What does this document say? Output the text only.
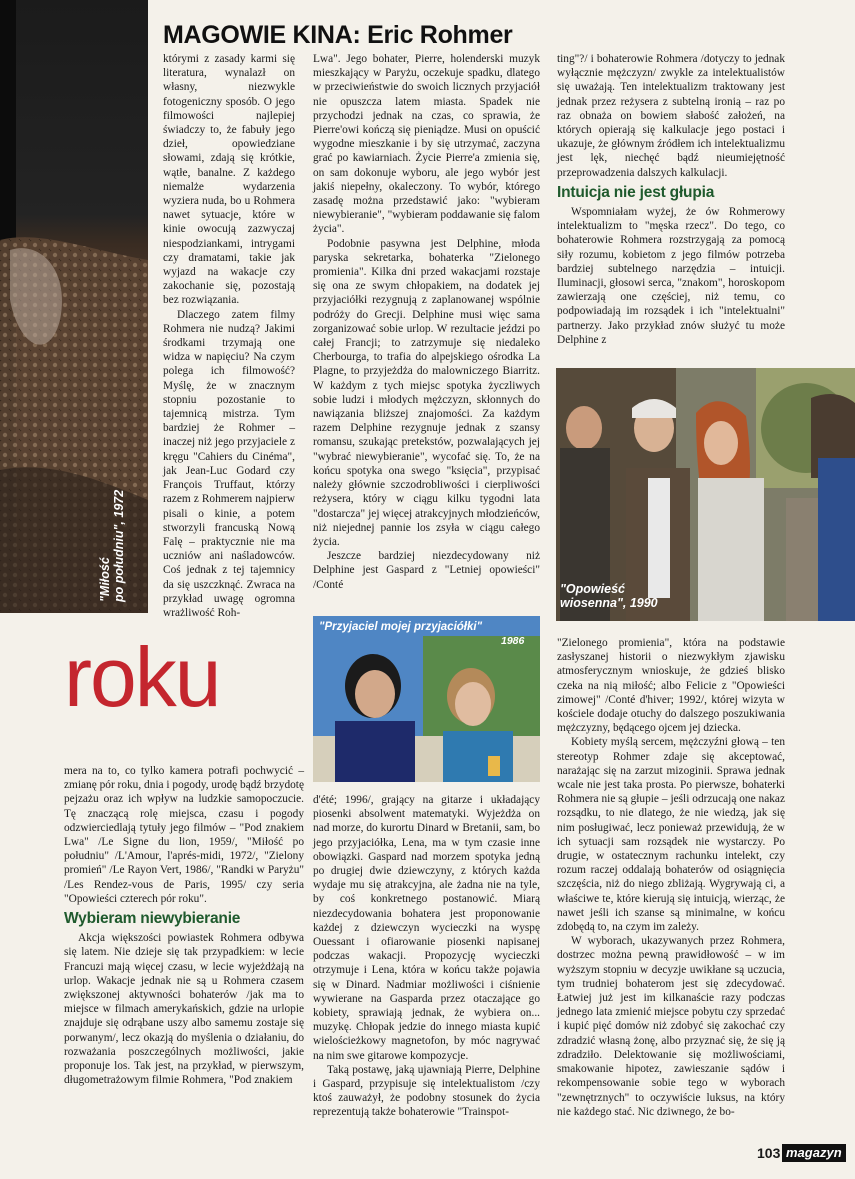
"Miłość po południu", 1972
MAGOWIE KINA: Eric Rohmer

którymi z zasady karmi się literatura, wynalazł on własny, niezwykle fotogeniczny sposób. O jego filmowości najlepiej świadczy to, że fabuły jego dzieł, opowiedziane słowami, zdają się krótkie, wątłe, banalne. Z każdego niemalże wydarzenia wyziera nuda, bo u Rohmera nawet sytuacje, które w kinie owocują zazwyczaj niespodziankami, intrygami czy dramatami, takie jak wyjazd na wakacje czy zakochanie się, pozostają bez rozwiązania.

Dlaczego zatem filmy Rohmera nie nudzą? Jakimi środkami trzymają one widza w napięciu? Na czym polega ich filmowość? Myślę, że w znacznym stopniu pozostanie to tajemnicą mistrza. Tym bardziej że Rohmer – inaczej niż jego przyjaciele z kręgu "Cahiers du Cinéma", jak Jean-Luc Godard czy François Truffaut, którzy razem z Rohmerem najpierw pisali o kinie, a potem stworzyli francuską Nową Falę – praktycznie nie ma uczniów ani naśladowców. Coś jednak z tej tajemnicy da się uszczknąć. Zwraca na przykład uwagę ogromna wrażliwość Roh-

Lwa". Jego bohater, Pierre, holenderski muzyk mieszkający w Paryżu, oczekuje spadku, dlatego w przeciwieństwie do swoich licznych przyjaciół nie opuszcza latem miasta. Spadek nie przychodzi jednak na czas, co sprawia, że Pierre'owi kończą się pieniądze. Musi on opuścić wygodne mieszkanie i by się utrzymać, zaczyna grać po kawiarniach. Życie Pierre'a zmienia się, on sam dokonuje wyboru, ale jego wybór jest jakiś niepełny, okaleczony. To wybór, którego zasadę można przedstawić jako: "wybieram niewybieranie", "wybieram poddawanie się falom życia".

Podobnie pasywna jest Delphine, młoda paryska sekretarka, bohaterka "Zielonego promienia". Kilka dni przed wakacjami rozstaje się ona ze swym chłopakiem, na dodatek jej przyjaciółki rezygnują z zaplanowanej wspólnie podróży do Grecji. Delphine musi więc sama zorganizować sobie urlop. W rezultacie jeździ po całej Francji; to zatrzymuje się niedaleko Cherbourga, to trafia do alpejskiego ośrodka La Plagne, to przyjeżdża do malowniczego Biarritz. W każdym z tych miejsc spotyka życzliwych sobie ludzi i młodych mężczyzn, skłonnych do nawiązania bliższej znajomości. Za każdym razem Delphine rezygnuje jednak z szansy romansu, szukając pretekstów, pozwalających jej "wybrać niewybieranie", wycofać się. To, że na końcu spotyka ona swego "księcia", przypisać należy głównie szczodrobliwości i cierpliwości reżysera, który w ciągu kilku tygodni lata "dostarcza" jej więcej atrakcyjnych młodzieńców, niż niejednej pannie los zsyła w ciągu całego życia.

Jeszcze bardziej niezdecydowany niż Delphine jest Gaspard z "Letniej opowieści" /Conté

ting"?/ i bohaterowie Rohmera /dotyczy to jednak wyłącznie mężczyzn/ zwykle za intelektualistów się uważają. Ten intelektualizm traktowany jest jednak przez reżysera z subtelną ironią – raz po raz obnaża on bowiem słabość założeń, na których opierają się kalkulacje jego postaci i ukazuje, że głównym źródłem ich intelektualizmu jest lęk, niechęć bądź nieumiejętność przeprowadzenia dalszych kalkulacji.

Intuicja nie jest głupia

Wspomniałam wyżej, że ów Rohmerowy intelektualizm to "męska rzecz". Do tego, co bohaterowie Rohmera rozstrzygają za pomocą siły rozumu, kobietom z jego filmów potrzeba bardziej subtelnego narzędzia – intuicji. Iluminacji, głosowi serca, "znakom", horoskopom zawierzają one częściej, niż temu, co podpowiadają im rozsądek i ich "intelektualni" partnerzy. Jako przykład znów służyć tu może Delphine z

"Opowieść
wiosenna", 1990
"Przyjaciel mojej przyjaciółki"
1986
roku

mera na to, co tylko kamera potrafi pochwycić – zmianę pór roku, dnia i pogody, urodę bądź brzydotę pejzażu oraz ich wpływ na ludzkie samopoczucie. Tę znaczącą rolę miejsca, czasu i pogody odzwierciedlają tytuły jego filmów – "Pod znakiem Lwa" /Le Signe du lion, 1959/, "Miłość po południu" /L'Amour, l'aprés-midi, 1972/, "Zielony promień" /Le Rayon Vert, 1986/, "Randki w Paryżu" /Les Rendez-vous de Paris, 1995/ czy seria "Opowieści czterech pór roku".

Wybieram niewybieranie

Akcja większości powiastek Rohmera odbywa się latem. Nie dzieje się tak przypadkiem: w lecie Francuzi mają więcej czasu, w lecie wyjeżdżają na urlop. Wakacje jednak nie są u Rohmera czasem zwiększonej aktywności bohaterów /jak ma to miejsce w filmach amerykańskich, gdzie na urlopie znajduje się odrąbane uszy albo samemu zostaje się porwanym/, lecz okazją do myślenia o działaniu, do rozważania poszczególnych możliwości, jakie proponuje los. Tak jest, na przykład, w pierwszym, długometrażowym filmie Rohmera, "Pod znakiem

d'été; 1996/, grający na gitarze i układający piosenki absolwent matematyki. Wyjeżdża on nad morze, do kurortu Dinard w Bretanii, sam, bo jego przyjaciółka, Lena, ma w tym czasie inne obowiązki. Gaspard nad morzem spotyka jedną po drugiej dwie dziewczyny, z których każda wydaje mu się atrakcyjna, ale żadna nie na tyle, by coś konkretnego postanowić. Miarą niezdecydowania bohatera jest proponowanie każdej z dziewczyn wycieczki na wyspę Ouessant i ofiarowanie piosenki napisanej podczas wakacji. Propozycję wycieczki otrzymuje i Lena, która w końcu także pojawia się w Dinard. Nadmiar możliwości i ciśnienie wywierane na Gasparda przez otaczające go kobiety, sprawiają jednak, że wybiera on... muzykę. Chłopak jedzie do innego miasta kupić wielościeżkowy magnetofon, by móc nagrywać na nim swe gitarowe kompozycje.

Taką postawę, jaką ujawniają Pierre, Delphine i Gaspard, przypisuje się intelektualistom /czy ktoś zauważył, że podobny stosunek do życia reprezentują także bohaterowie "Trainspot-

"Zielonego promienia", która na podstawie zasłyszanej historii o niezwykłym zjawisku atmosferycznym wnioskuje, że gdzieś blisko czeka na nią miłość; albo Felicie z "Opowieści zimowej" /Conté d'hiver; 1992/, której wizyta w kościele dodaje otuchy do dalszego poszukiwania mężczyzny, będącego ojcem jej dziecka.

Kobiety myślą sercem, mężczyźni głową – ten stereotyp Rohmer zdaje się akceptować, narażając się na zarzut mizoginii. Sprawa jednak wcale nie jest taka prosta. Po pierwsze, bohaterki Rohmera nie są głupie – jeśli odrzucają one nakaz rozsądku, to nie dlatego, że nie wiedzą, jak się nim posługiwać, lecz ponieważ przewidują, że w ich sytuacji sam rozsądek nie wystarczy. Po drugie, w ostatecznym rachunku intelekt, czy rozum raczej oddalają bohaterów od osiągnięcia szczęścia, niż do niego zbliżają. Wygrywają ci, a właściwe te, które kierują się intuicją, wierząc, że nawet jeśli ich szanse są minimalne, w końcu zdobędą to, na czym im zależy.

W wyborach, ukazywanych przez Rohmera, dostrzec można pewną prawidłowość – w im wyższym stopniu w decyzje uwikłane są uczucia, tym trudniej bohaterom jest się zdecydować. Łatwiej już jest im kilkanaście razy podczas jednego lata zmienić miejsce pobytu czy sprzedać i kupić pięć domów niż zdobyć się zakochać czy zdradzić własną żonę, albo przyznać się, że się ją zdradziło. Delektowanie się możliwościami, smakowanie hipotez, zawieszanie sądów i rekompensowanie sobie tego w wyborach "zewnętrznych" to oczywiście luksus, na który nie każdego stać. Nic dziwnego, że bo-

103 magazyn
